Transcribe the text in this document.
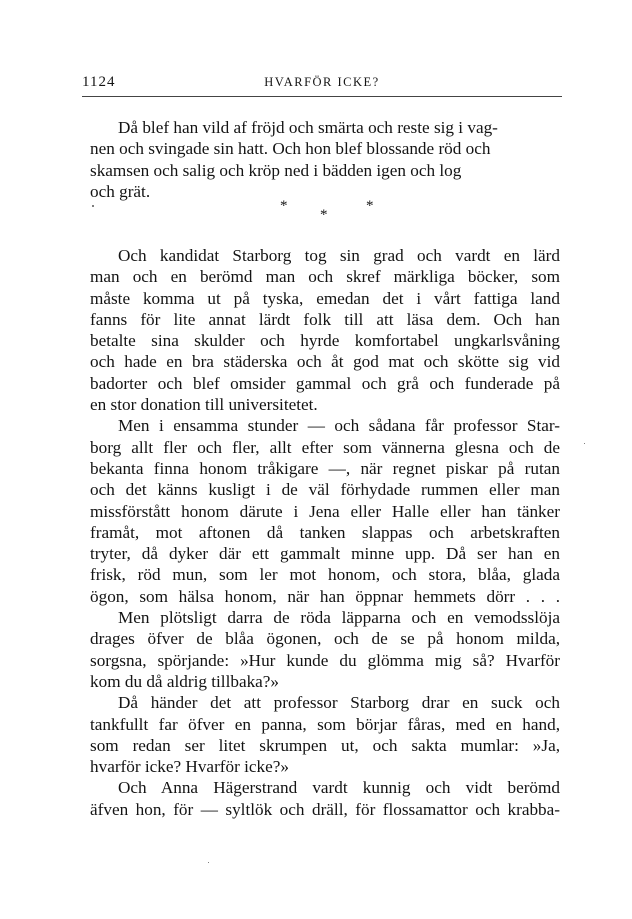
1124	HVARFÖR ICKE?
Då blef han vild af fröjd och smärta och reste sig i vag-
nen och svingade sin hatt. Och hon blef blossande röd och
skamsen och salig och kröp ned i bädden igen och log
och grät.
*
*
*
Och kandidat Starborg tog sin grad och vardt en lärd
man och en berömd man och skref märkliga böcker, som
måste komma ut på tyska, emedan det i vårt fattiga land
fanns för lite annat lärdt folk till att läsa dem. Och han
betalte sina skulder och hyrde komfortabel ungkarlsvåning
och hade en bra städerska och åt god mat och skötte sig vid
badorter och blef omsider gammal och grå och funderade på
en stor donation till universitetet.
Men i ensamma stunder — och sådana får professor Star-
borg allt fler och fler, allt efter som vännerna glesna och de
bekanta finna honom tråkigare —, när regnet piskar på rutan
och det känns kusligt i de väl förhydade rummen eller man
missförstått honom därute i Jena eller Halle eller han tänker
framåt, mot aftonen då tanken slappas och arbetskraften
tryter, då dyker där ett gammalt minne upp. Då ser han en
frisk, röd mun, som ler mot honom, och stora, blåa, glada
ögon, som hälsa honom, när han öppnar hemmets dörr . . .
Men plötsligt darra de röda läpparna och en vemodsslöja
drages öfver de blåa ögonen, och de se på honom milda,
sorgsna, spörjande: »Hur kunde du glömma mig så? Hvarför
kom du då aldrig tillbaka?»
Då händer det att professor Starborg drar en suck och
tankfullt far öfver en panna, som börjar fåras, med en hand,
som redan ser litet skrumpen ut, och sakta mumlar: »Ja,
hvarför icke? Hvarför icke?»
Och Anna Hägerstrand vardt kunnig och vidt berömd
äfven hon, för — syltlök och dräll, för flossamattor och krabba-
